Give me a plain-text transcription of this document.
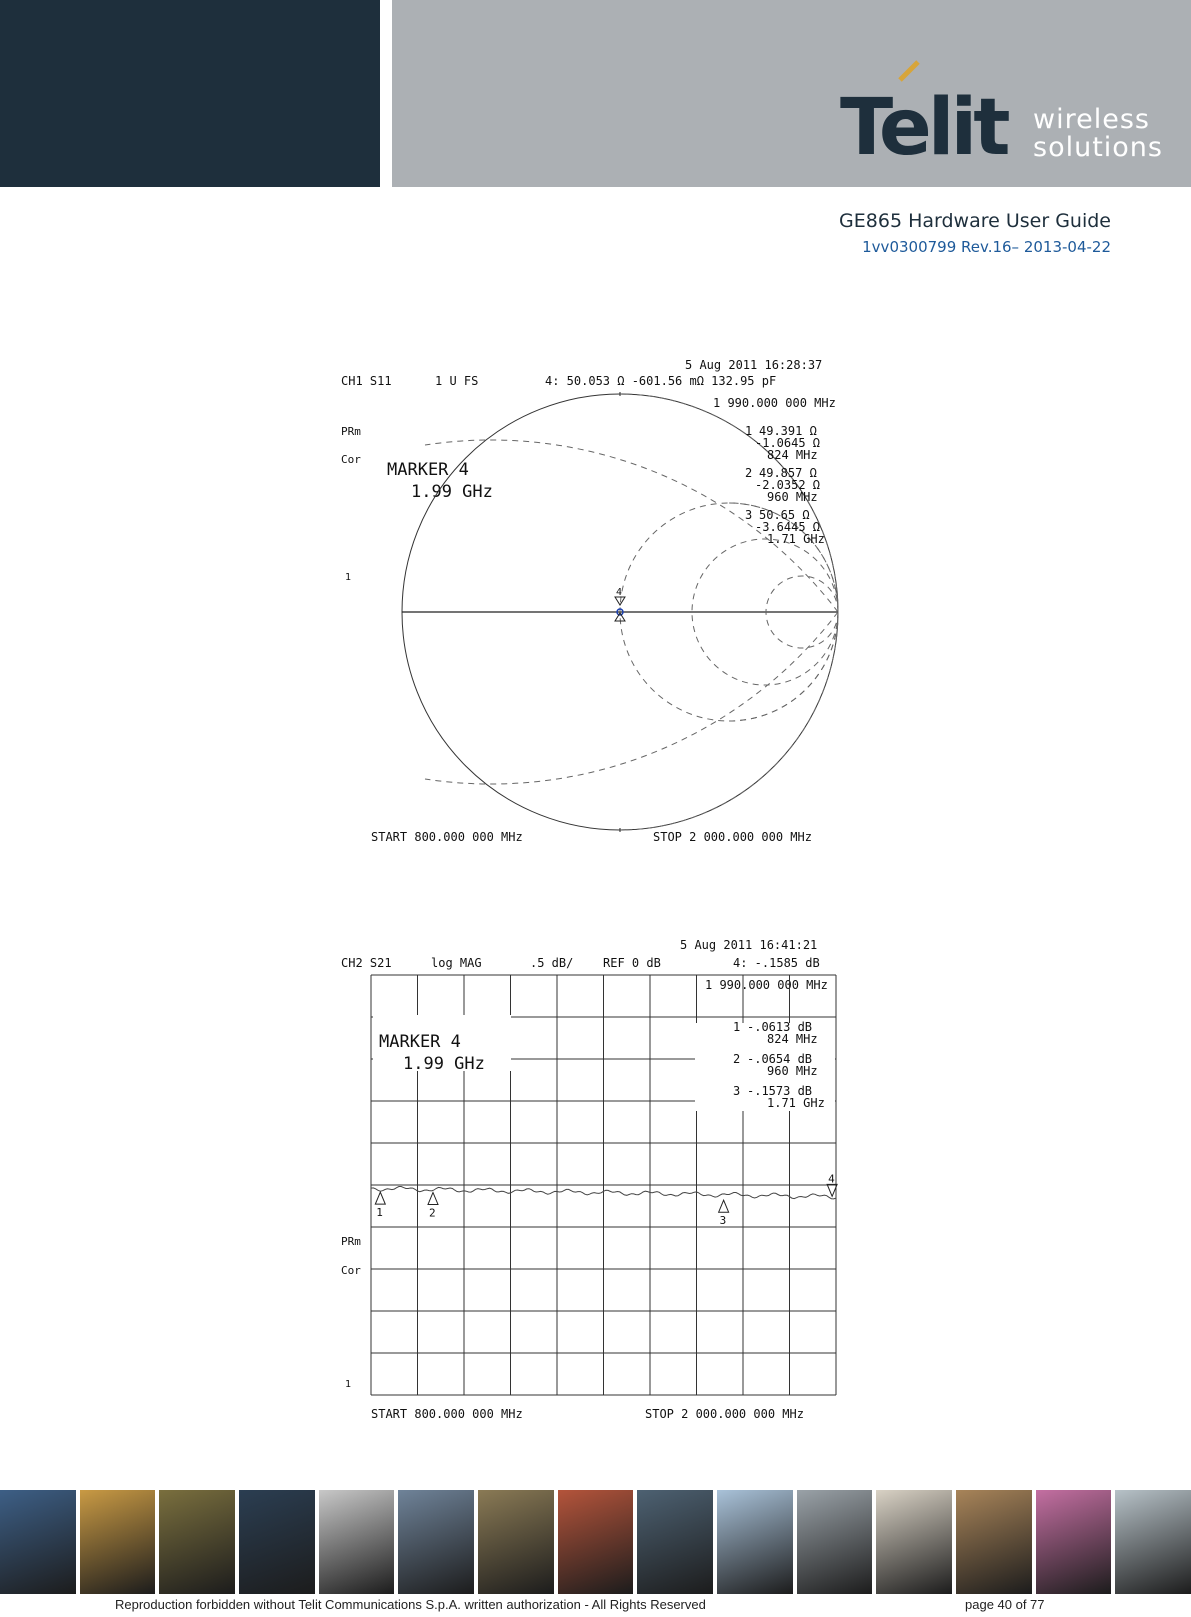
Telit wireless
solutions
GE865 Hardware User Guide
1vv0300799 Rev.16– 2013-04-22
5 Aug 2011 16:28:37
CH1 S11	1 U FS	4: 50.053 Ω -601.56 mΩ 132.95 pF
1 990.000 000 MHz
PRm
Cor
1
MARKER 4
1.99 GHz
4
1 49.391 Ω
-1.0645 Ω
824 MHz
2 49.857 Ω
-2.0352 Ω
960 MHz
3 50.65 Ω
-3.6445 Ω
1.71 GHz
START 800.000 000 MHz	STOP 2 000.000 000 MHz
5 Aug 2011 16:41:21
CH2 S21	log MAG	.5 dB/ REF 0 dB	4: -.1585 dB
1 990.000 000 MHz
PRm
Cor
1
1	2
3
4
MARKER 4
1.99 GHz
1 -.0613 dB
824 MHz
2 -.0654 dB
960 MHz
3 -.1573 dB
1.71 GHz
START 800.000 000 MHz	STOP 2 000.000 000 MHz
Reproduction forbidden without Telit Communications S.p.A. written authorization - All Rights Reserved	page 40 of 77
